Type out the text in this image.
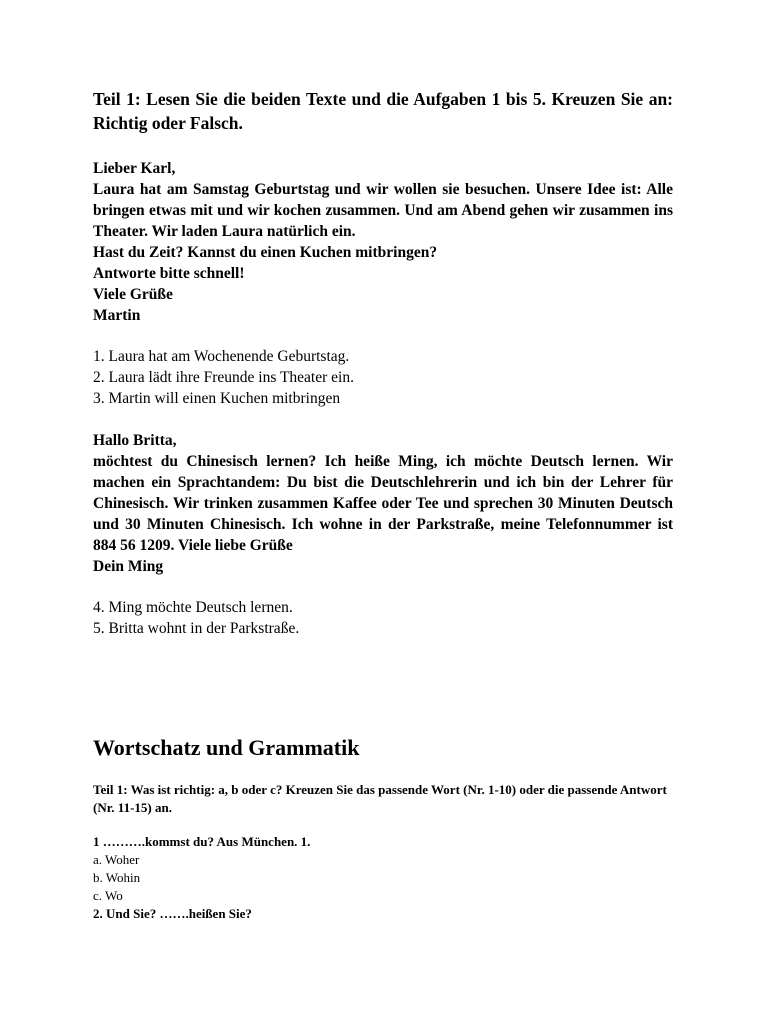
Teil 1: Lesen Sie die beiden Texte und die Aufgaben 1 bis 5. Kreuzen Sie an: Richtig oder Falsch.

Lieber Karl,

Laura hat am Samstag Geburtstag und wir wollen sie besuchen. Unsere Idee ist: Alle bringen etwas mit und wir kochen zusammen. Und am Abend gehen wir zusammen ins Theater. Wir laden Laura natürlich ein.

Hast du Zeit? Kannst du einen Kuchen mitbringen?

Antworte bitte schnell!

Viele Grüße

Martin

1. Laura hat am Wochenende Geburtstag.
2. Laura lädt ihre Freunde ins Theater ein.
3. Martin will einen Kuchen mitbringen

Hallo Britta,

möchtest du Chinesisch lernen? Ich heiße Ming, ich möchte Deutsch lernen. Wir machen ein Sprachtandem: Du bist die Deutschlehrerin und ich bin der Lehrer für Chinesisch. Wir trinken zusammen Kaffee oder Tee und sprechen 30 Minuten Deutsch und 30 Minuten Chinesisch. Ich wohne in der Parkstraße, meine Telefonnummer ist 884 56 1209. Viele liebe Grüße

Dein Ming

4. Ming möchte Deutsch lernen.
5. Britta wohnt in der Parkstraße.
Wortschatz und Grammatik
Teil 1: Was ist richtig: a, b oder c? Kreuzen Sie das passende Wort (Nr. 1-10) oder die passende Antwort (Nr. 11-15) an.
1 ……….kommst du? Aus München. 1.
a. Woher
b. Wohin
c. Wo
2. Und Sie? …….heißen Sie?
